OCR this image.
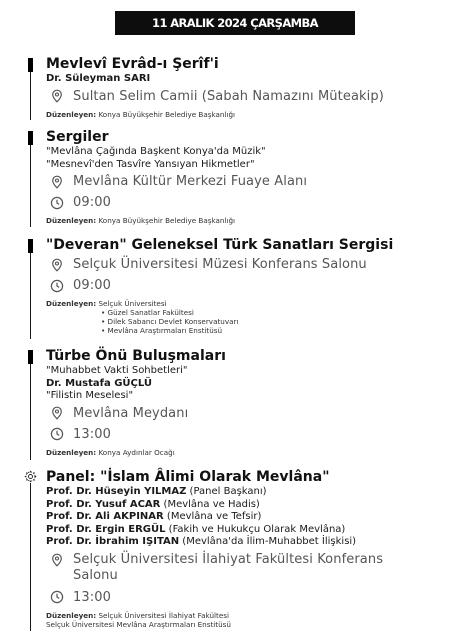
11 ARALIK 2024 ÇARŞAMBA
Mevlevî Evrâd-ı Şerîf'i
Dr. Süleyman SARI
Sultan Selim Camii (Sabah Namazını Müteakip)
Düzenleyen: Konya Büyükşehir Belediye Başkanlığı
Sergiler
"Mevlâna Çağında Başkent Konya'da Müzik"
"Mesnevî'den Tasvîre Yansıyan Hikmetler"
Mevlâna Kültür Merkezi Fuaye Alanı
09:00
Düzenleyen: Konya Büyükşehir Belediye Başkanlığı
"Deveran" Geleneksel Türk Sanatları Sergisi
Selçuk Üniversitesi Müzesi Konferans Salonu
09:00
Düzenleyen: Selçuk Üniversitesi
• Güzel Sanatlar Fakültesi
• Dilek Sabancı Devlet Konservatuvarı
• Mevlâna Araştırmaları Enstitüsü
Türbe Önü Buluşmaları
"Muhabbet Vakti Sohbetleri"
Dr. Mustafa GÜÇLÜ
"Filistin Meselesi"
Mevlâna Meydanı
13:00
Düzenleyen: Konya Aydınlar Ocağı
Panel: "İslam Âlimi Olarak Mevlâna"
Prof. Dr. Hüseyin YILMAZ (Panel Başkanı)
Prof. Dr. Yusuf ACAR (Mevlâna ve Hadis)
Prof. Dr. Ali AKPINAR (Mevlâna ve Tefsir)
Prof. Dr. Ergin ERGÜL (Fakih ve Hukukçu Olarak Mevlâna)
Prof. Dr. İbrahim IŞITAN (Mevlâna'da İlim-Muhabbet İlişkisi)
Selçuk Üniversitesi İlahiyat Fakültesi Konferans Salonu
13:00
Düzenleyen: Selçuk Üniversitesi İlahiyat Fakültesi
Selçuk Üniversitesi Mevlâna Araştırmaları Enstitüsü
